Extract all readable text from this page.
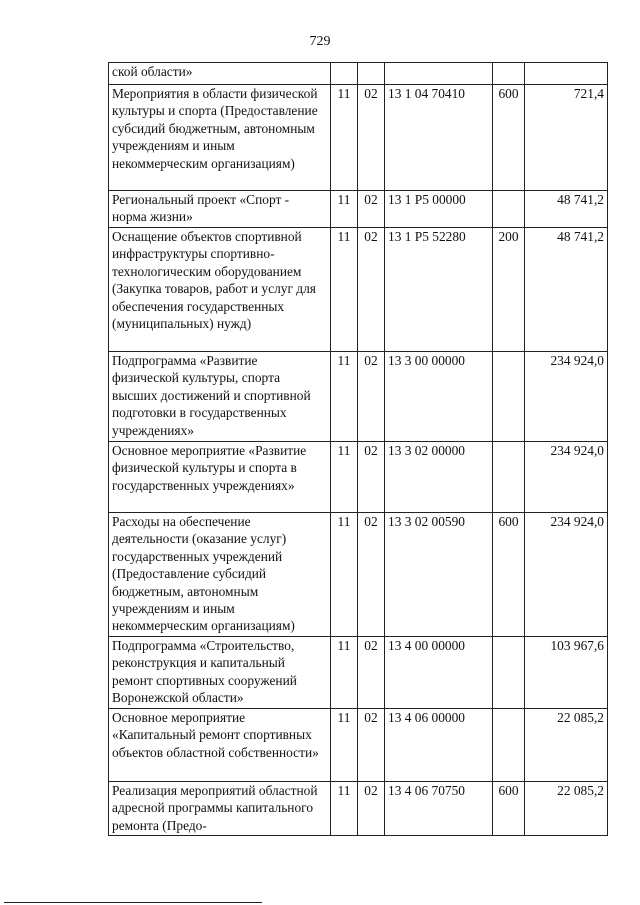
729
ской области»					
Мероприятия в области физической культуры и спорта (Предоставление субсидий бюджетным, автономным учреждениям и иным некоммерческим организациям)	11	02	13 1 04 70410	600	721,4
Региональный проект «Спорт - норма жизни»	11	02	13 1 Р5 00000		48 741,2
Оснащение объектов спортивной инфраструктуры спортивно-технологическим оборудованием (Закупка товаров, работ и услуг для обеспечения государственных (муниципальных) нужд)	11	02	13 1 Р5 52280	200	48 741,2
Подпрограмма «Развитие физической культуры, спорта высших достижений и спортивной подготовки в государственных учреждениях»	11	02	13 3 00 00000		234 924,0
Основное мероприятие «Развитие физической культуры и спорта в государственных учреждениях»	11	02	13 3 02 00000		234 924,0
Расходы на обеспечение деятельности (оказание услуг) государственных учреждений (Предоставление субсидий бюджетным, автономным учреждениям и иным некоммерческим организациям)	11	02	13 3 02 00590	600	234 924,0
Подпрограмма «Строительство, реконструкция и капитальный ремонт спортивных сооружений Воронежской области»	11	02	13 4 00 00000		103 967,6
Основное мероприятие «Капитальный ремонт спортивных объектов областной собственности»	11	02	13 4 06 00000		22 085,2
Реализация мероприятий областной адресной программы капитального ремонта (Предо-	11	02	13 4 06 70750	600	22 085,2
